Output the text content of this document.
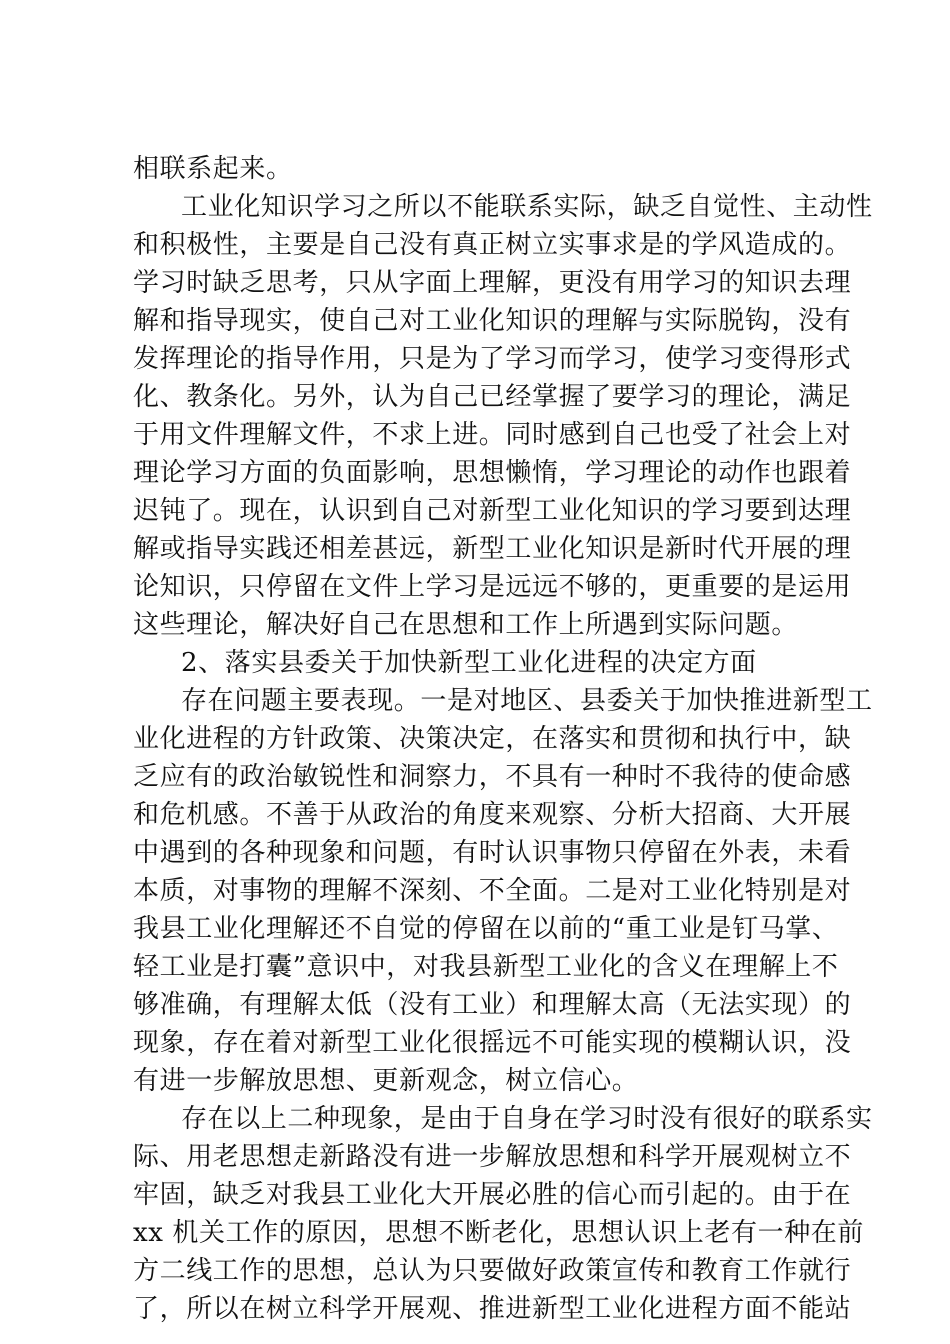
相联系起来。
工业化知识学习之所以不能联系实际，缺乏自觉性、主动性
和积极性，主要是自己没有真正树立实事求是的学风造成的。
学习时缺乏思考，只从字面上理解，更没有用学习的知识去理
解和指导现实，使自己对工业化知识的理解与实际脱钩，没有
发挥理论的指导作用，只是为了学习而学习，使学习变得形式
化、教条化。另外，认为自己已经掌握了要学习的理论，满足
于用文件理解文件，不求上进。同时感到自己也受了社会上对
理论学习方面的负面影响，思想懒惰，学习理论的动作也跟着
迟钝了。现在，认识到自己对新型工业化知识的学习要到达理
解或指导实践还相差甚远，新型工业化知识是新时代开展的理
论知识，只停留在文件上学习是远远不够的，更重要的是运用
这些理论，解决好自己在思想和工作上所遇到实际问题。
2、落实县委关于加快新型工业化进程的决定方面
存在问题主要表现。一是对地区、县委关于加快推进新型工
业化进程的方针政策、决策决定，在落实和贯彻和执行中，缺
乏应有的政治敏锐性和洞察力，不具有一种时不我待的使命感
和危机感。不善于从政治的角度来观察、分析大招商、大开展
中遇到的各种现象和问题，有时认识事物只停留在外表，未看
本质，对事物的理解不深刻、不全面。二是对工业化特别是对
我县工业化理解还不自觉的停留在以前的“重工业是钉马掌、
轻工业是打囊”意识中，对我县新型工业化的含义在理解上不
够准确，有理解太低（没有工业）和理解太高（无法实现）的
现象，存在着对新型工业化很摇远不可能实现的模糊认识，没
有进一步解放思想、更新观念，树立信心。
存在以上二种现象，是由于自身在学习时没有很好的联系实
际、用老思想走新路没有进一步解放思想和科学开展观树立不
牢固，缺乏对我县工业化大开展必胜的信心而引起的。由于在
xx 机关工作的原因，思想不断老化，思想认识上老有一种在前
方二线工作的思想，总认为只要做好政策宣传和教育工作就行
了，所以在树立科学开展观、推进新型工业化进程方面不能站
